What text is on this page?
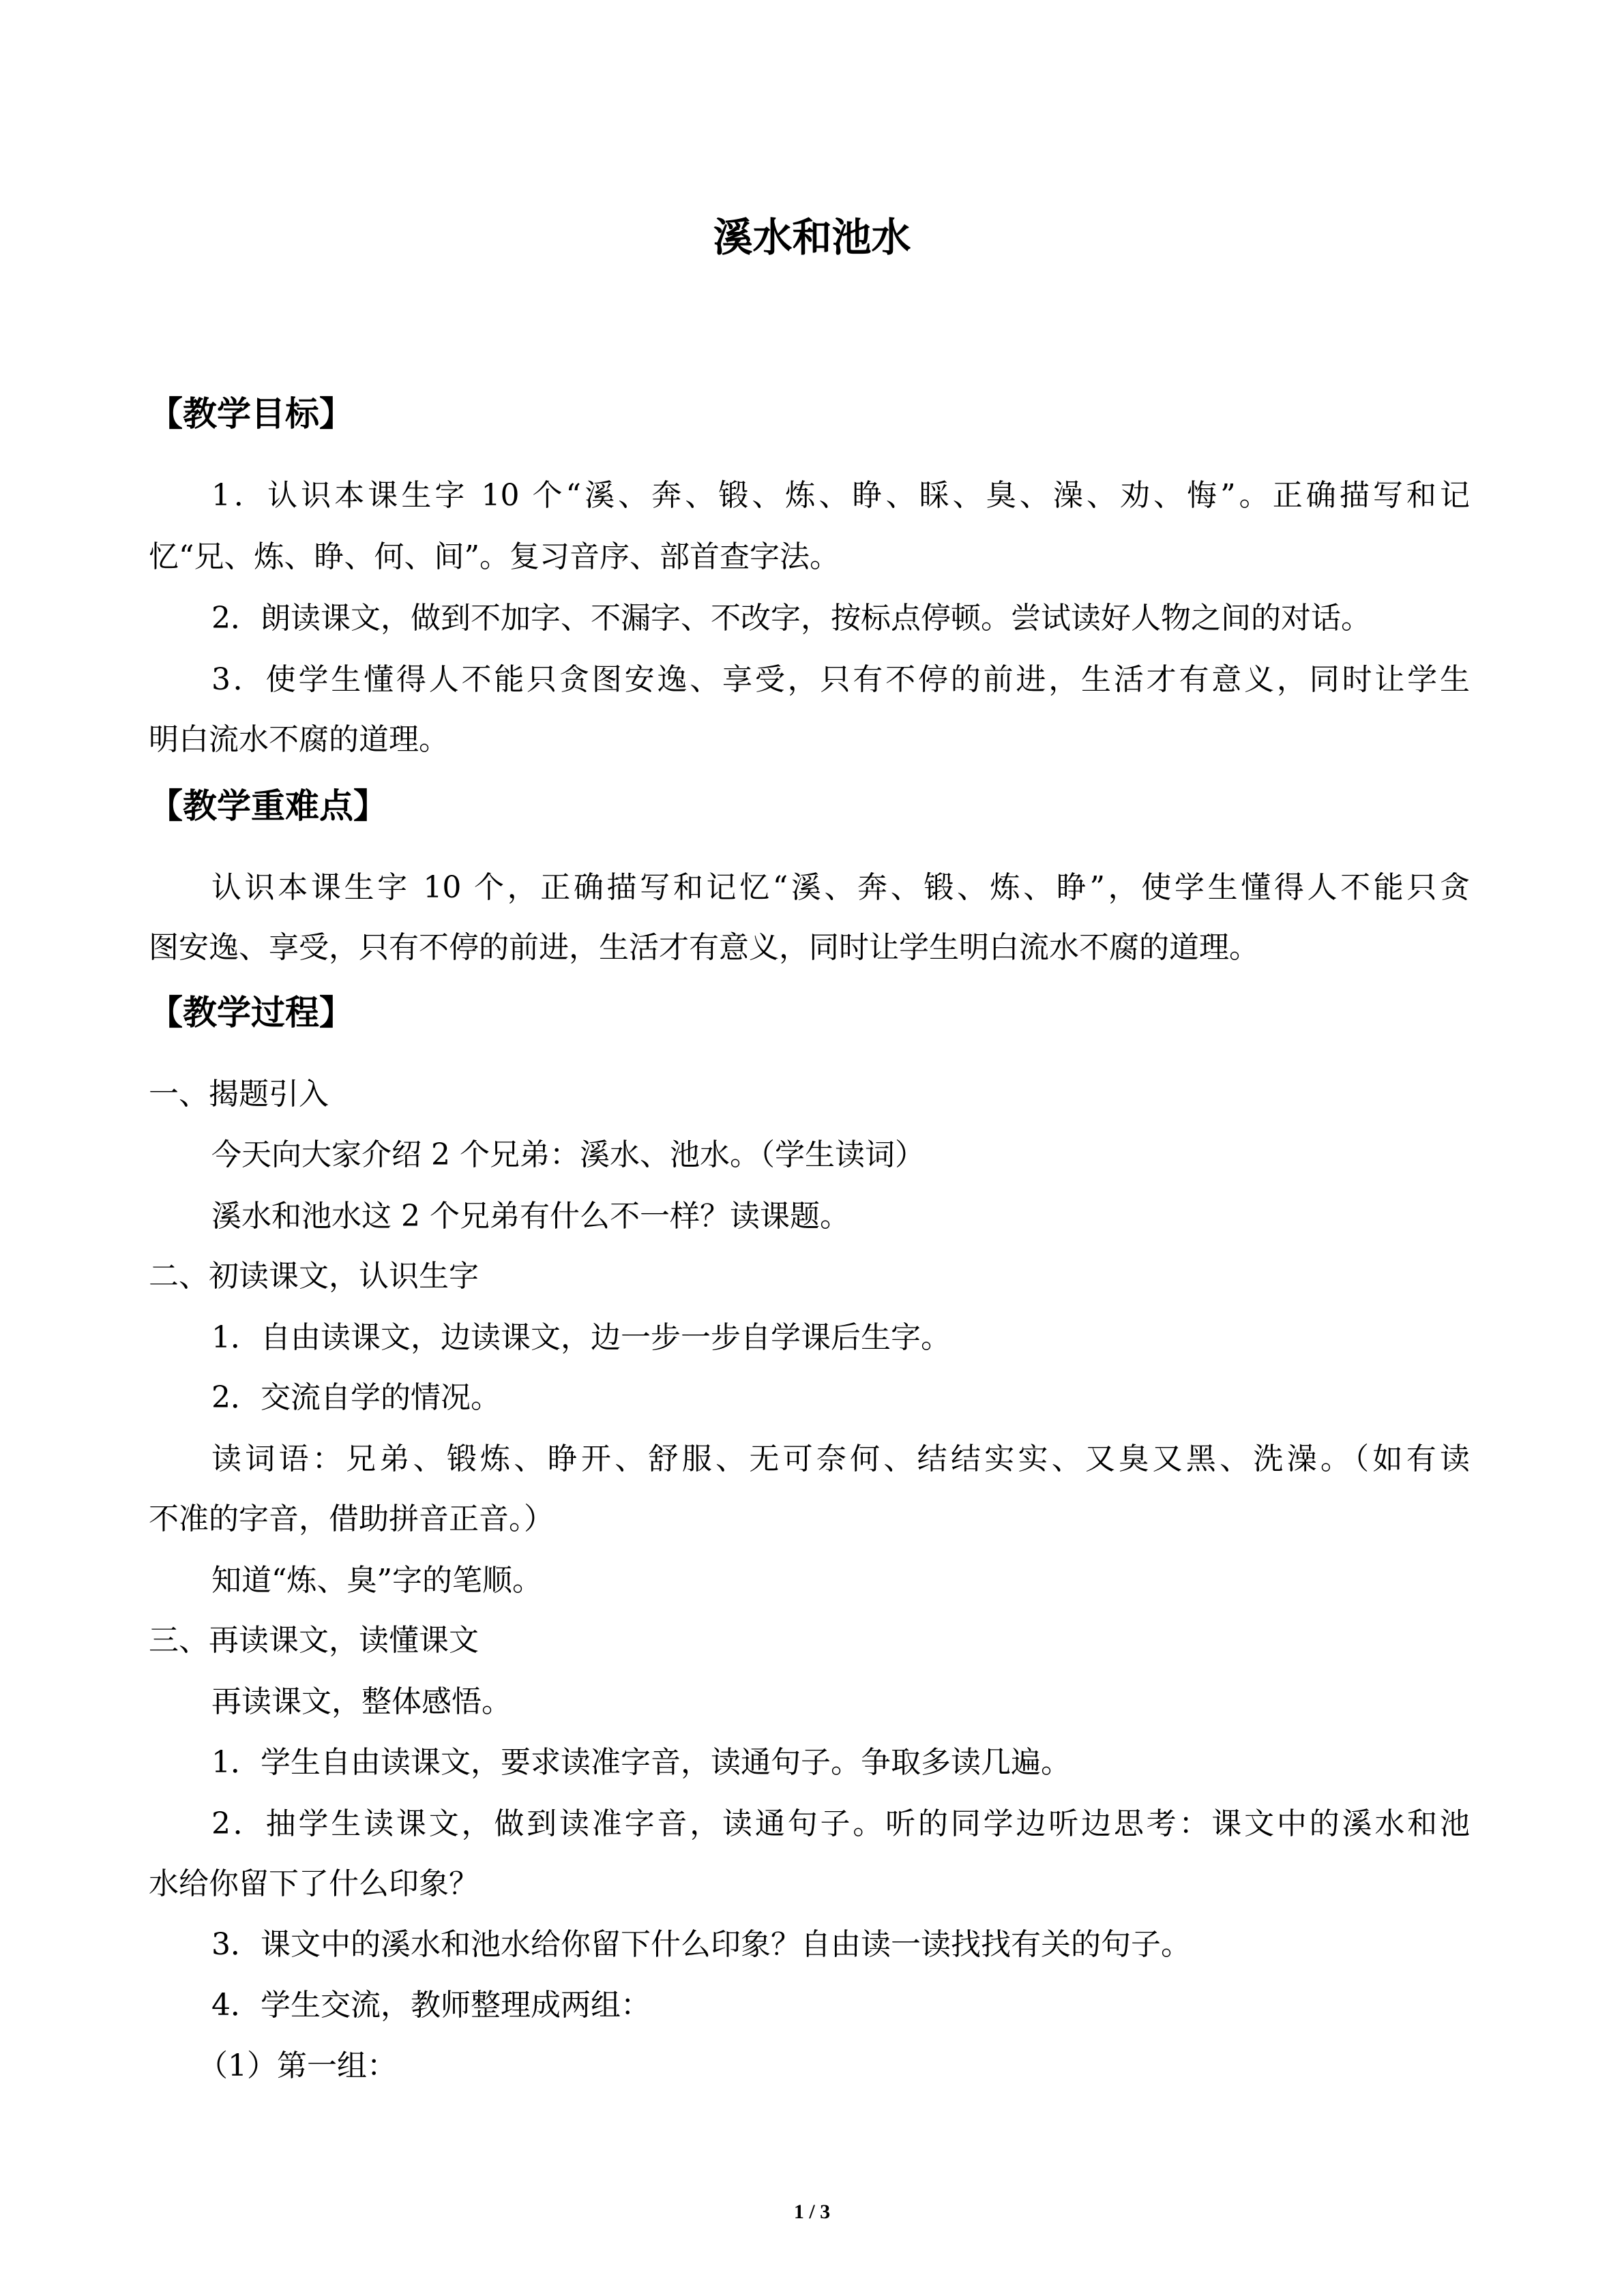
溪水和池水
【教学目标】
1．认识本课生字 10 个“溪、奔、锻、炼、睁、睬、臭、澡、劝、悔”。正确描写和记
忆“兄、炼、睁、何、间”。复习音序、部首查字法。
2．朗读课文，做到不加字、不漏字、不改字，按标点停顿。尝试读好人物之间的对话。
3．使学生懂得人不能只贪图安逸、享受，只有不停的前进，生活才有意义，同时让学生
明白流水不腐的道理。
【教学重难点】
认识本课生字 10 个，正确描写和记忆“溪、奔、锻、炼、睁”，使学生懂得人不能只贪
图安逸、享受，只有不停的前进，生活才有意义，同时让学生明白流水不腐的道理。
【教学过程】
一、揭题引入
今天向大家介绍 2 个兄弟：溪水、池水。（学生读词）
溪水和池水这 2 个兄弟有什么不一样？读课题。
二、初读课文，认识生字
1．自由读课文，边读课文，边一步一步自学课后生字。
2．交流自学的情况。
读词语：兄弟、锻炼、睁开、舒服、无可奈何、结结实实、又臭又黑、洗澡。（如有读
不准的字音，借助拼音正音。）
知道“炼、臭”字的笔顺。
三、再读课文，读懂课文
再读课文，整体感悟。
1．学生自由读课文，要求读准字音，读通句子。争取多读几遍。
2．抽学生读课文，做到读准字音，读通句子。听的同学边听边思考：课文中的溪水和池
水给你留下了什么印象？
3．课文中的溪水和池水给你留下什么印象？自由读一读找找有关的句子。
4．学生交流，教师整理成两组：
（1）第一组：
1 / 3
